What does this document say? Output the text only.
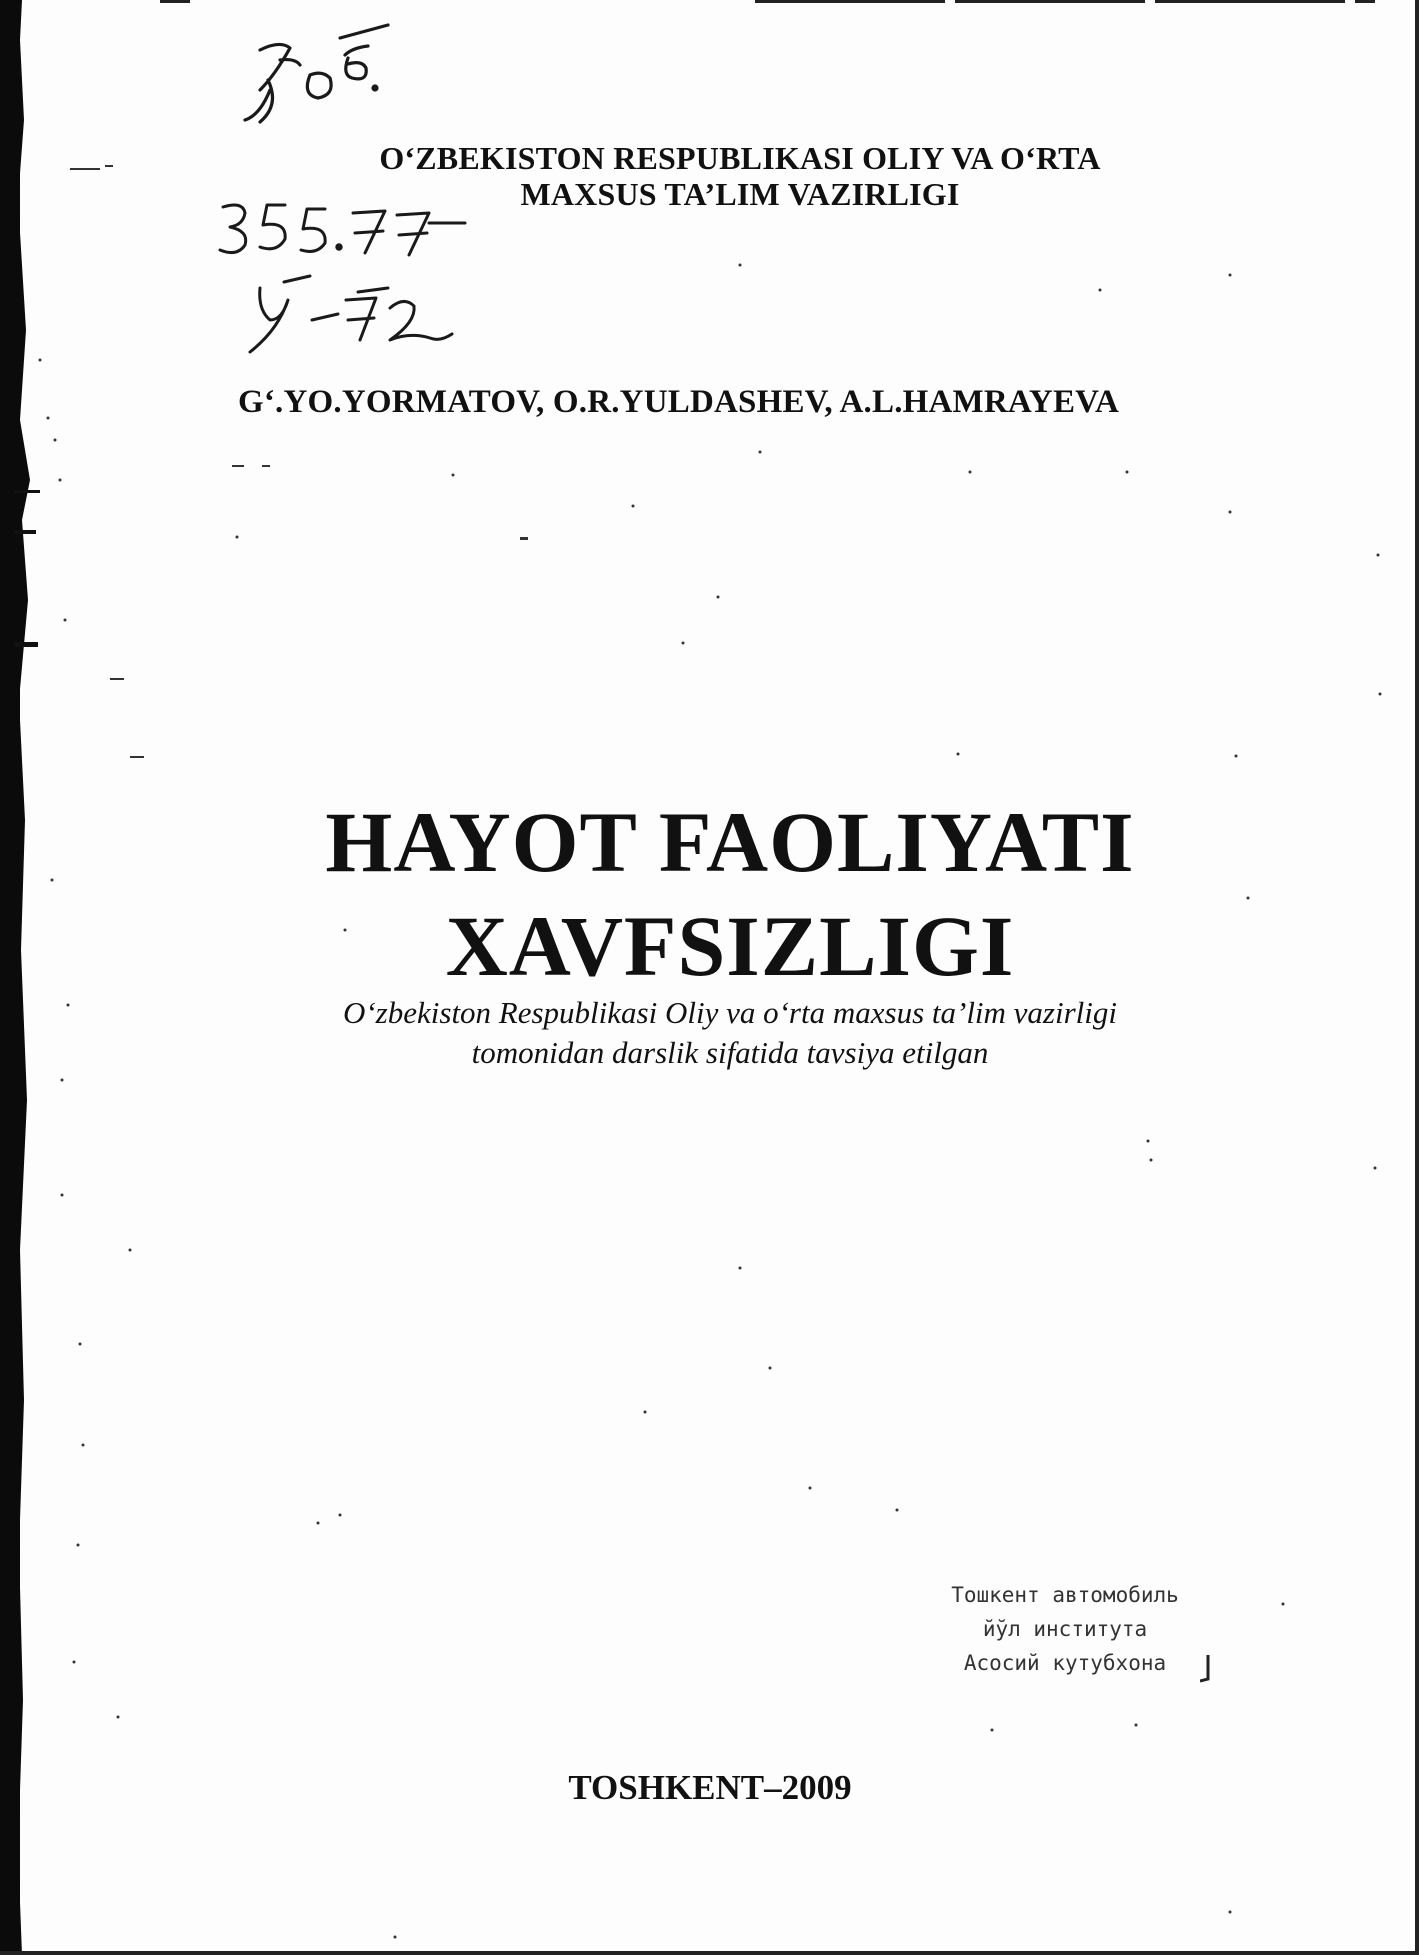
O‘ZBEKISTON RESPUBLIKASI OLIY VA O‘RTA
MAXSUS TA’LIM VAZIRLIGI
G‘.YO.YORMATOV, O.R.YULDASHEV, A.L.HAMRAYEVA
HAYOT FAOLIYATI
XAVFSIZLIGI
O‘zbekiston Respublikasi Oliy va o‘rta maxsus ta’lim vazirligi
tomonidan darslik sifatida tavsiya etilgan
Тошкент автомобиль
йўл института
Асосий кутубхона
TOSHKENT–2009
